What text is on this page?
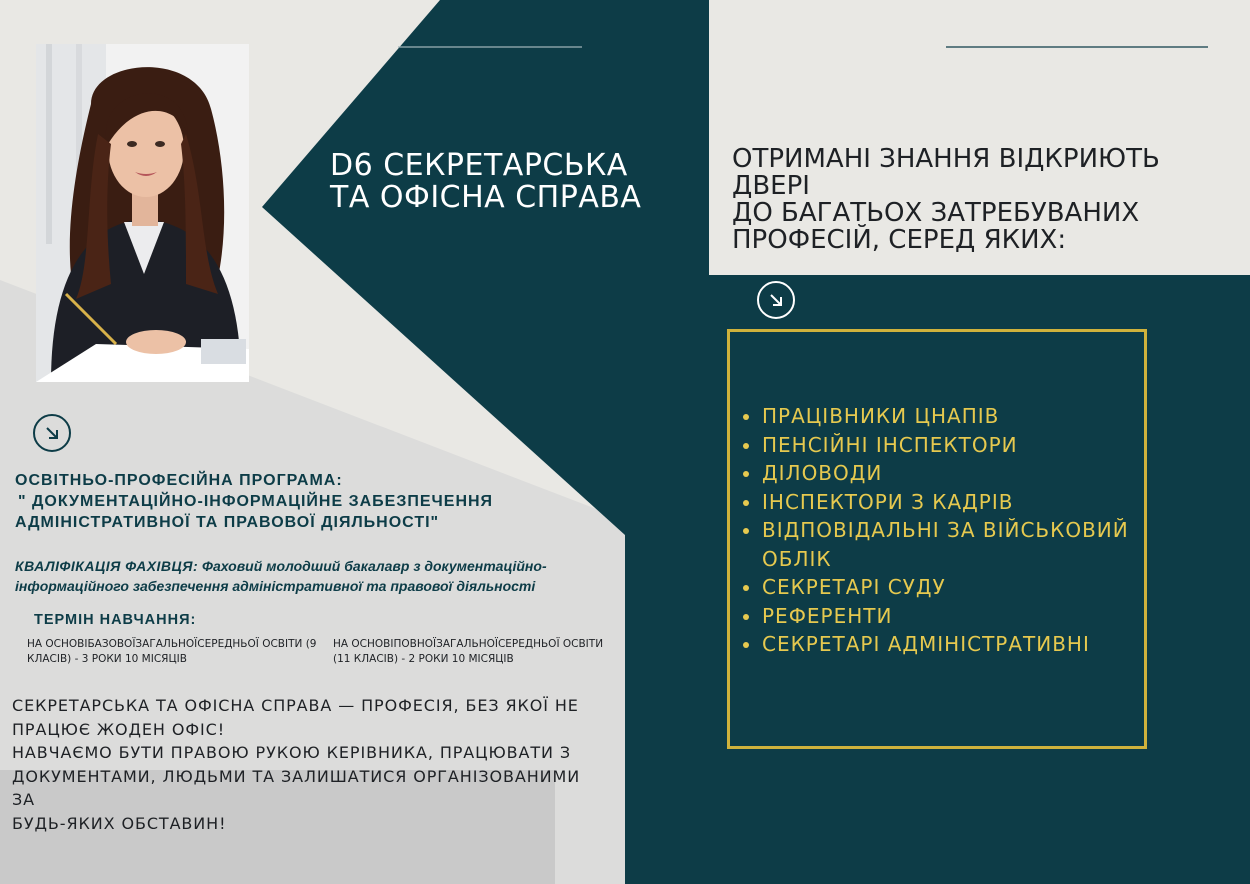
D6 СЕКРЕТАРСЬКА
ТА ОФІСНА СПРАВА
ОТРИМАНІ ЗНАННЯ ВІДКРИЮТЬ ДВЕРІ
ДО БАГАТЬОХ ЗАТРЕБУВАНИХ
ПРОФЕСІЙ, СЕРЕД ЯКИХ:
ПРАЦІВНИКИ ЦНАПІВ
ПЕНСІЙНІ ІНСПЕКТОРИ
ДІЛОВОДИ
ІНСПЕКТОРИ З КАДРІВ
ВІДПОВІДАЛЬНІ ЗА ВІЙСЬКОВИЙ ОБЛІК
СЕКРЕТАРІ СУДУ
РЕФЕРЕНТИ
СЕКРЕТАРІ АДМІНІСТРАТИВНІ

ОСВІТНЬО-ПРОФЕСІЙНА ПРОГРАМА:
" ДОКУМЕНТАЦІЙНО-ІНФОРМАЦІЙНЕ ЗАБЕЗПЕЧЕННЯ
АДМІНІСТРАТИВНОЇ ТА ПРАВОВОЇ ДІЯЛЬНОСТІ"

КВАЛІФІКАЦІЯ ФАХІВЦЯ: Фаховий молодший бакалавр з документаційно-інформаційного забезпечення адміністративної та правової діяльності

ТЕРМІН НАВЧАННЯ:

НА ОСНОВІБАЗОВОЇЗАГАЛЬНОЇСЕРЕДНЬОЇ ОСВІТИ (9 КЛАСІВ) - 3 РОКИ 10 МІСЯЦІВ

НА ОСНОВІПОВНОЇЗАГАЛЬНОЇСЕРЕДНЬОЇ ОСВІТИ (11 КЛАСІВ) - 2 РОКИ 10 МІСЯЦІВ

СЕКРЕТАРСЬКА ТА ОФІСНА СПРАВА — ПРОФЕСІЯ, БЕЗ ЯКОЇ НЕ
ПРАЦЮЄ ЖОДЕН ОФІС!
НАВЧАЄМО БУТИ ПРАВОЮ РУКОЮ КЕРІВНИКА, ПРАЦЮВАТИ З
ДОКУМЕНТАМИ, ЛЮДЬМИ ТА ЗАЛИШАТИСЯ ОРГАНІЗОВАНИМИ ЗА
БУДЬ-ЯКИХ ОБСТАВИН!
